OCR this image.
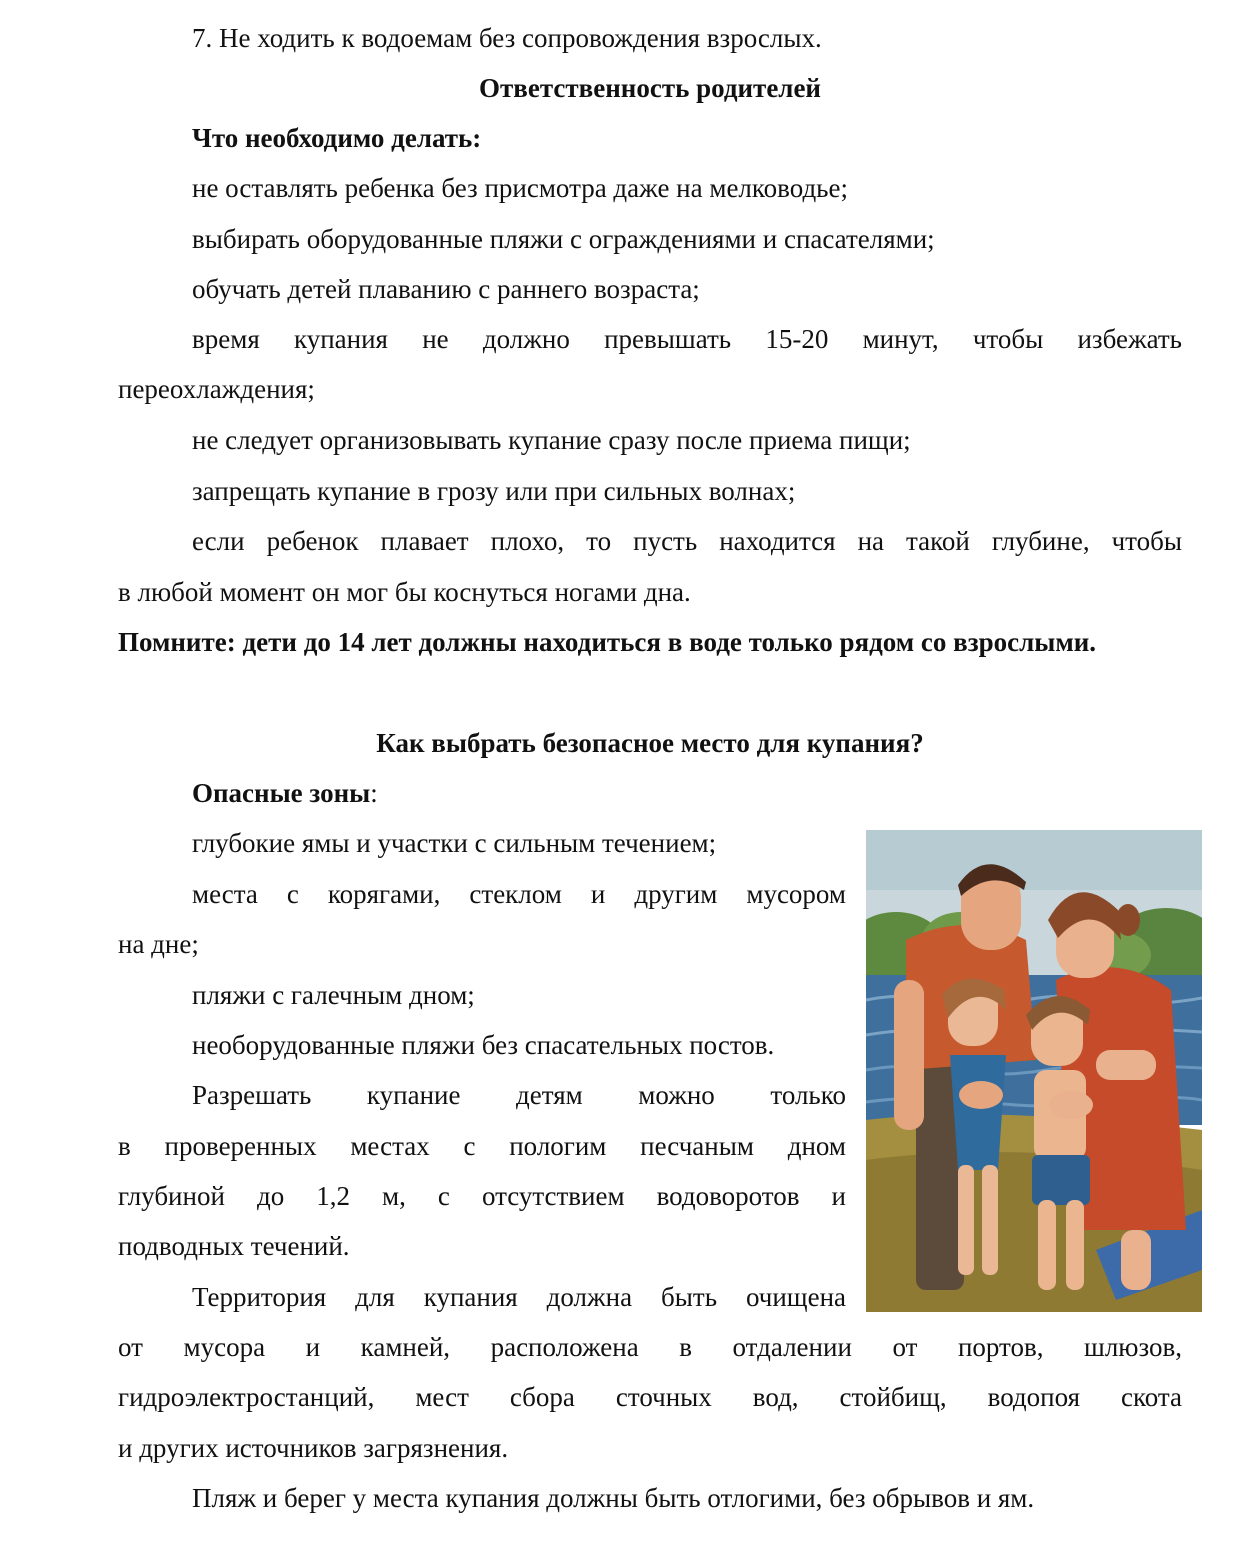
7. Не ходить к водоемам без сопровождения взрослых.
Ответственность родителей
Что необходимо делать:
не оставлять ребенка без присмотра даже на мелководье;
выбирать оборудованные пляжи с ограждениями и спасателями;
обучать детей плаванию с раннего возраста;
время купания не должно превышать 15-20 минут, чтобы избежать
переохлаждения;
не следует организовывать купание сразу после приема пищи;
запрещать купание в грозу или при сильных волнах;
если ребенок плавает плохо, то пусть находится на такой глубине, чтобы
в любой момент он мог бы коснуться ногами дна.
Помните: дети до 14 лет должны находиться в воде только рядом со взрослыми.
Как выбрать безопасное место для купания?
Опасные зоны:
глубокие ямы и участки с сильным течением;
места с корягами, стеклом и другим мусором
на дне;
пляжи с галечным дном;
необорудованные пляжи без спасательных постов.
Разрешать купание детям можно только
в проверенных местах с пологим песчаным дном
глубиной до 1,2 м, с отсутствием водоворотов и
подводных течений.
Территория для купания должна быть очищена
от мусора и камней, расположена в отдалении от портов, шлюзов,
гидроэлектростанций, мест сбора сточных вод, стойбищ, водопоя скота
и других источников загрязнения.
Пляж и берег у места купания должны быть отлогими, без обрывов и ям.
